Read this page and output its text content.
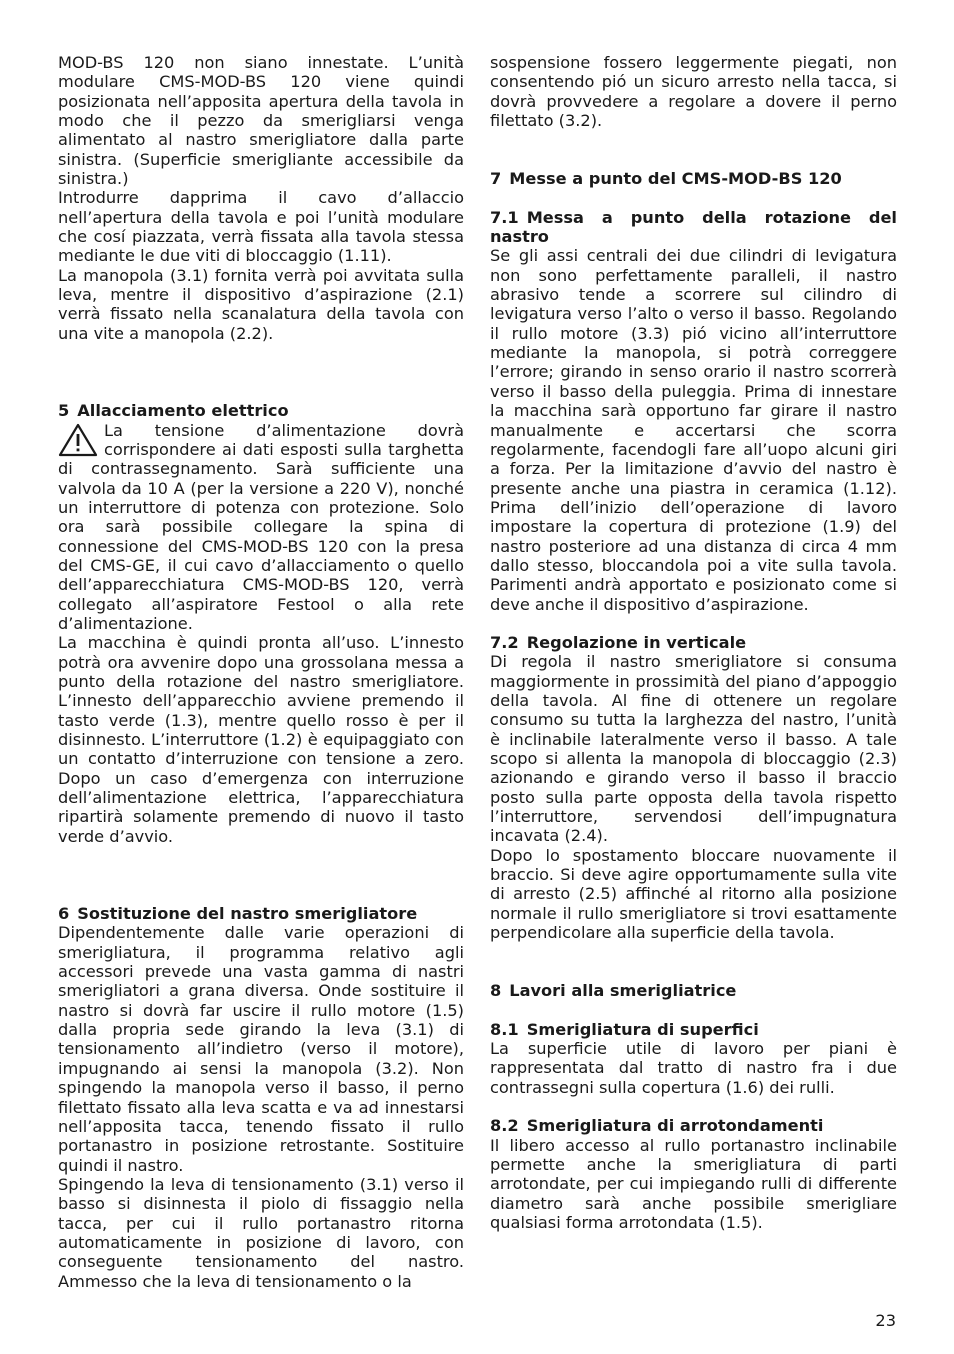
MOD-BS 120 non siano innestate. L’unità modulare CMS-MOD-BS 120 viene quindi posizionata nell’apposita apertura della tavola in modo che il pezzo da smerigliarsi venga alimentato al nastro smerigliatore dalla parte sinistra. (Superficie smerigliante accessibile da sinistra.)

Introdurre dapprima il cavo d’allaccio nell’apertura della tavola e poi l’unità modulare che cosí piazzata, verrà fissata alla tavola stessa mediante le due viti di bloccaggio (1.11).

La manopola (3.1) fornita verrà poi avvitata sulla leva, mentre il dispositivo d’aspirazione (2.1) verrà fissato nella scanalatura della tavola con una vite a manopola (2.2).

5 Allacciamento elettrico

La tensione d’alimentazione dovrà corrispondere ai dati esposti sulla targhetta di contrassegnamento. Sarà sufficiente una valvola da 10 A (per la versione a 220 V), nonché un interruttore di potenza con protezione. Solo ora sarà possibile collegare la spina di connessione del CMS-MOD-BS 120 con la presa del CMS-GE, il cui cavo d’allacciamento o quello dell’apparecchiatura CMS-MOD-BS 120, verrà collegato all’aspiratore Festool o alla rete d’alimentazione.

La macchina è quindi pronta all’uso. L’innesto potrà ora avvenire dopo una grossolana messa a punto della rotazione del nastro smerigliatore. L’innesto dell’apparecchio avviene premendo il tasto verde (1.3), mentre quello rosso è per il disinnesto. L’interruttore (1.2) è equipaggiato con un contatto d’interruzione con tensione a zero. Dopo un caso d’emergenza con interruzione dell’alimentazione elettrica, l’apparecchiatura ripartirà solamente premendo di nuovo il tasto verde d’avvio.

6 Sostituzione del nastro smerigliatore

Dipendentemente dalle varie operazioni di smerigliatura, il programma relativo agli accessori prevede una vasta gamma di nastri smerigliatori a grana diversa. Onde sostituire il nastro si dovrà far uscire il rullo motore (1.5) dalla propria sede girando la leva (3.1) di tensionamento all’indietro (verso il motore), impugnando ai sensi la manopola (3.2). Non spingendo la manopola verso il basso, il perno filettato fissato alla leva scatta e va ad innestarsi nell’apposita tacca, tenendo fissato il rullo portanastro in posizione retrostante. Sostituire quindi il nastro.

Spingendo la leva di tensionamento (3.1) verso il basso si disinnesta il piolo di fissaggio nella tacca, per cui il rullo portanastro ritorna automaticamente in posizione di lavoro, con conseguente tensionamento del nastro. Ammesso che la leva di tensionamento o la

sospensione fossero leggermente piegati, non consentendo pió un sicuro arresto nella tacca, si dovrà provvedere a regolare a dovere il perno filettato (3.2).

7 Messe a punto del CMS-MOD-BS 120
7.1 Messa a punto della rotazione del nastro

Se gli assi centrali dei due cilindri di levigatura non sono perfettamente paralleli, il nastro abrasivo tende a scorrere sul cilindro di levigatura verso l’alto o verso il basso. Regolando il rullo motore (3.3) pió vicino all’interruttore mediante la manopola, si potrà correggere l’errore; girando in senso orario il nastro scorrerà verso il basso della puleggia. Prima di innestare la macchina sarà opportuno far girare il nastro manualmente e accertarsi che scorra regolarmente, facendogli fare all’uopo alcuni giri a forza. Per la limitazione d’avvio del nastro è presente anche una piastra in ceramica (1.12). Prima dell’inizio dell’operazione di lavoro impostare la copertura di protezione (1.9) del nastro posteriore ad una distanza di circa 4 mm dallo stesso, bloccandola poi a vite sulla tavola. Parimenti andrà apportato e posizionato come si deve anche il dispositivo d’aspirazione.

7.2 Regolazione in verticale

Di regola il nastro smerigliatore si consuma maggiormente in prossimità del piano d’appoggio della tavola. Al fine di ottenere un regolare consumo su tutta la larghezza del nastro, l’unità è inclinabile lateralmente verso il basso. A tale scopo si allenta la manopola di bloccaggio (2.3) azionando e girando verso il basso il braccio posto sulla parte opposta della tavola rispetto l’interruttore, servendosi dell’impugnatura incavata (2.4).

Dopo lo spostamento bloccare nuovamente il braccio. Si deve agire opportumamente sulla vite di arresto (2.5) affinché al ritorno alla posizione normale il rullo smerigliatore si trovi esattamente perpendicolare alla superficie della tavola.

8 Lavori alla smerigliatrice
8.1 Smerigliatura di superfici

La superficie utile di lavoro per piani è rappresentata dal tratto di nastro fra i due contrassegni sulla copertura (1.6) dei rulli.

8.2 Smerigliatura di arrotondamenti

Il libero accesso al rullo portanastro inclinabile permette anche la smerigliatura di parti arrotondate, per cui impiegando rulli di differente diametro sarà anche possibile smerigliare qualsiasi forma arrotondata (1.5).

23
